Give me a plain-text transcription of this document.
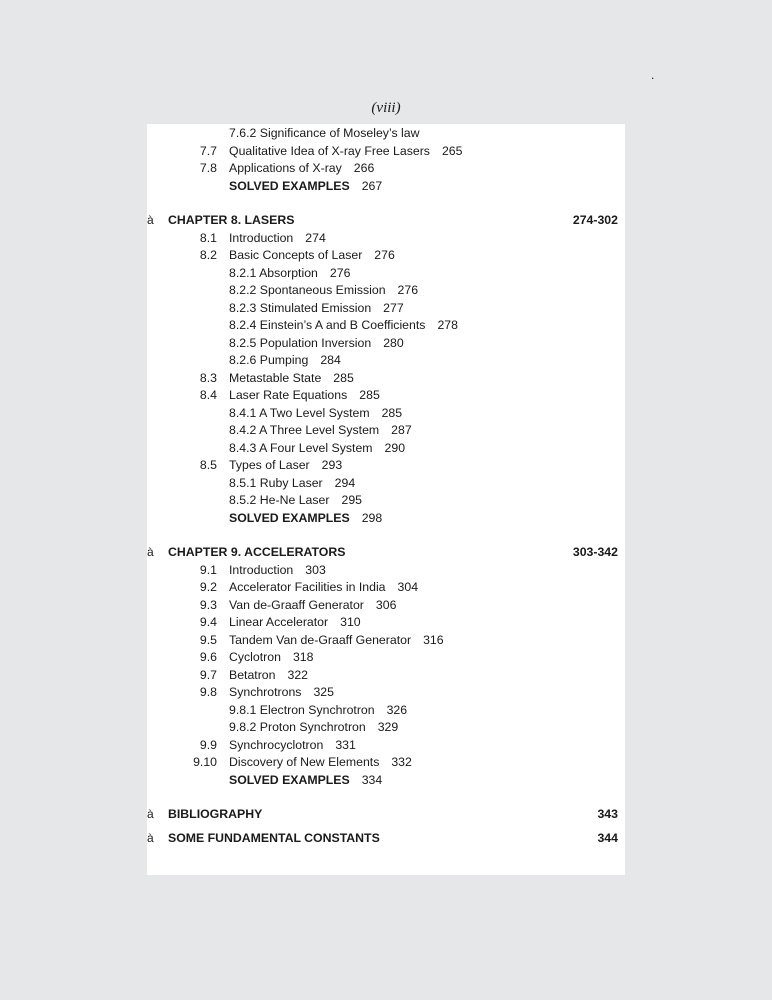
.
(viii)
7.6.2 Significance of Moseley’s law
7.7 Qualitative Idea of X-ray Free Lasers 265
7.8 Applications of X-ray 266
SOLVED EXAMPLES 267
à CHAPTER 8. LASERS	274-302
8.1 Introduction 274
8.2 Basic Concepts of Laser 276
8.2.1 Absorption 276
8.2.2 Spontaneous Emission 276
8.2.3 Stimulated Emission 277
8.2.4 Einstein’s A and B Coefficients 278
8.2.5 Population Inversion 280
8.2.6 Pumping 284
8.3 Metastable State 285
8.4 Laser Rate Equations 285
8.4.1 A Two Level System 285
8.4.2 A Three Level System 287
8.4.3 A Four Level System 290
8.5 Types of Laser 293
8.5.1 Ruby Laser 294
8.5.2 He-Ne Laser 295
SOLVED EXAMPLES 298
à CHAPTER 9. ACCELERATORS	303-342
9.1 Introduction 303
9.2 Accelerator Facilities in India 304
9.3 Van de-Graaff Generator 306
9.4 Linear Accelerator 310
9.5 Tandem Van de-Graaff Generator 316
9.6 Cyclotron 318
9.7 Betatron 322
9.8 Synchrotrons 325
9.8.1 Electron Synchrotron 326
9.8.2 Proton Synchrotron 329
9.9 Synchrocyclotron 331
9.10 Discovery of New Elements 332
SOLVED EXAMPLES 334
à BIBLIOGRAPHY	343
à SOME FUNDAMENTAL CONSTANTS	344
